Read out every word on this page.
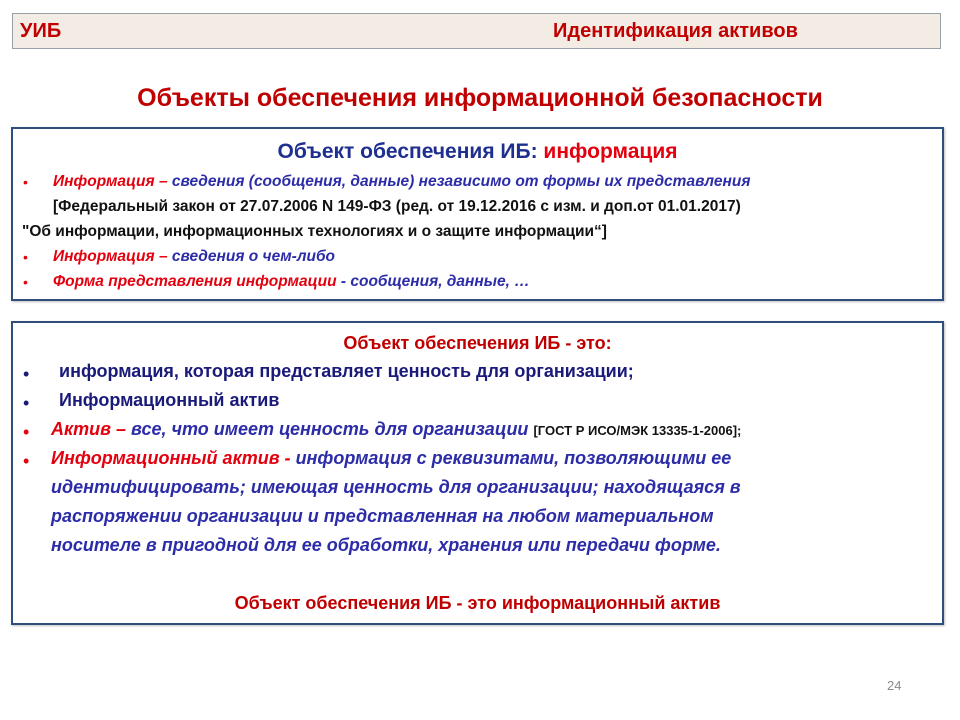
УИБ	Идентификация активов
Объекты обеспечения информационной безопасности
Объект обеспечения ИБ: информация
• Информация – сведения (сообщения, данные) независимо от формы их представления
[Федеральный закон от 27.07.2006 N 149-ФЗ (ред. от 19.12.2016 с изм. и доп.от 01.01.2017)
"Об информации, информационных технологиях и о защите информации“]
• Информация – сведения о чем-либо
• Форма представления информации - сообщения, данные, …
Объект обеспечения ИБ - это:
• информация, которая представляет ценность для организации;
• Информационный актив
• Актив – все, что имеет ценность для организации [ГОСТ Р ИСО/МЭК 13335-1-2006];
• Информационный актив - информация с реквизитами, позволяющими ее
идентифицировать; имеющая ценность для организации; находящаяся в
распоряжении организации и представленная на любом материальном
носителе в пригодной для ее обработки, хранения или передачи форме.
Объект обеспечения ИБ - это информационный актив
24
